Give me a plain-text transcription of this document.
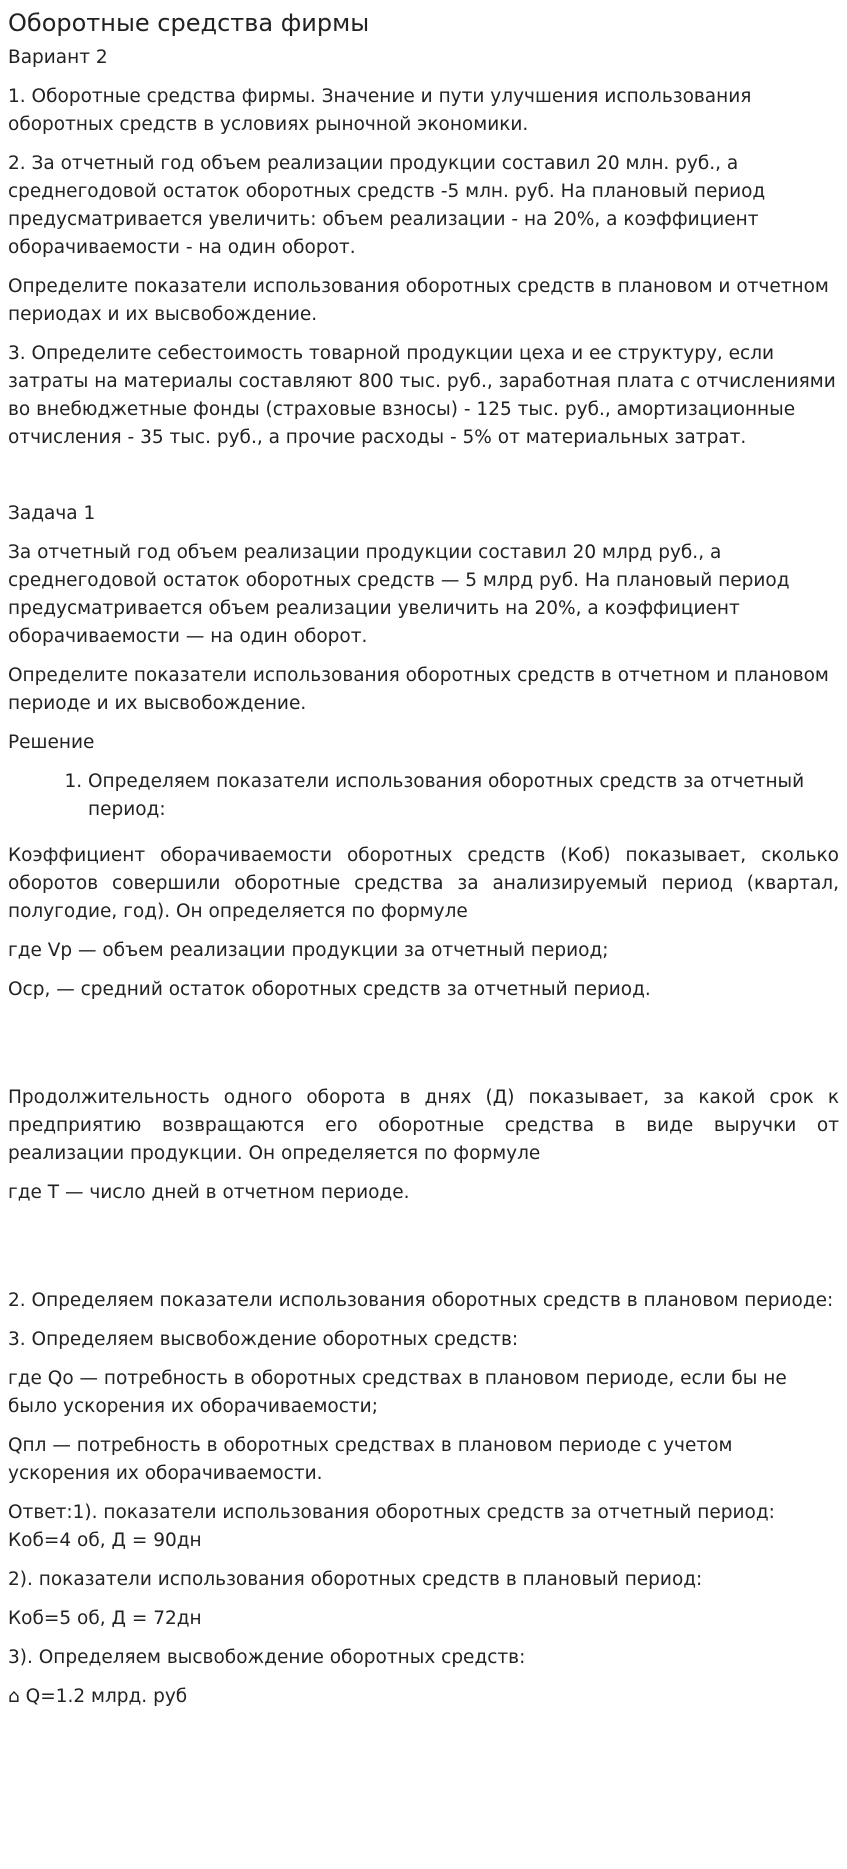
Оборотные средства фирмы

Вариант 2

1. Оборотные средства фирмы. Значение и пути улучшения использования оборотных средств в условиях рыночной экономики.

2. За отчетный год объем реализации продукции составил 20 млн. руб., а среднегодовой остаток оборотных средств -5 млн. руб. На плановый период предусматривается увеличить: объем реализации - на 20%, а коэффициент оборачиваемости - на один оборот.

Определите показатели использования оборотных средств в плановом и отчетном периодах и их высвобождение.

3. Определите себестоимость товарной продукции цеха и ее структуру, если затраты на материалы составляют 800 тыс. руб., заработная плата с отчислениями во внебюджетные фонды (страховые взносы) - 125 тыс. руб., амортизационные отчисления - 35 тыс. руб., а прочие расходы - 5% от материальных затрат.

Задача 1

За отчетный год объем реализации продукции составил 20 млрд руб., а среднегодовой остаток оборотных средств — 5 млрд руб. На плановый период предусматривается объем реализации увеличить на 20%, а коэффициент оборачиваемости — на один оборот.

Определите показатели использования оборотных средств в отчетном и плановом периоде и их высвобождение.

Решение

1. Определяем показатели использования оборотных средств за отчетный период:

Коэффициент оборачиваемости оборотных средств (Коб) показывает, сколько оборотов совершили оборотные средства за анализируемый период (квартал, полугодие, год). Он определяется по формуле

где Vр — объем реализации продукции за отчетный период;

Оср, — средний остаток оборотных средств за отчетный период.

Продолжительность одного оборота в днях (Д) показывает, за какой срок к предприятию возвращаются его оборотные средства в виде выручки от реализации продукции. Он определяется по формуле

где Т — число дней в отчетном периоде.

2. Определяем показатели использования оборотных средств в плановом периоде:

3. Определяем высвобождение оборотных средств:

где Qо — потребность в оборотных средствах в плановом периоде, если бы не было ускорения их оборачиваемости;

Qпл — потребность в оборотных средствах в плановом периоде с учетом ускорения их оборачиваемости.

Ответ:1). показатели использования оборотных средств за отчетный период: Коб=4 об, Д = 90дн

2). показатели использования оборотных средств в плановый период:

Коб=5 об, Д = 72дн

3). Определяем высвобождение оборотных средств:

⌂ Q=1.2 млрд. руб
